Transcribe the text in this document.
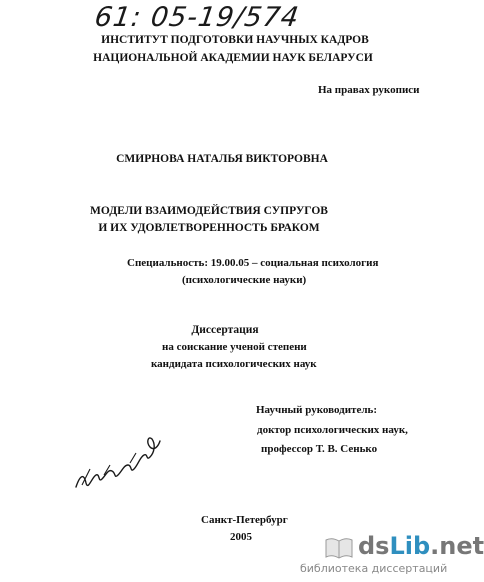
61: 05-19/574
ИНСТИТУТ ПОДГОТОВКИ НАУЧНЫХ КАДРОВ
НАЦИОНАЛЬНОЙ АКАДЕМИИ НАУК БЕЛАРУСИ
На правах рукописи
СМИРНОВА НАТАЛЬЯ ВИКТОРОВНА
МОДЕЛИ ВЗАИМОДЕЙСТВИЯ СУПРУГОВ
И ИХ УДОВЛЕТВОРЕННОСТЬ БРАКОМ
Специальность: 19.00.05 – социальная психология
(психологические науки)
Диссертация
на соискание ученой степени
кандидата психологических наук
Научный руководитель:
доктор психологических наук,
профессор Т. В. Сенько
Санкт-Петербург
2005	dsLib.net
библиотека диссертаций
